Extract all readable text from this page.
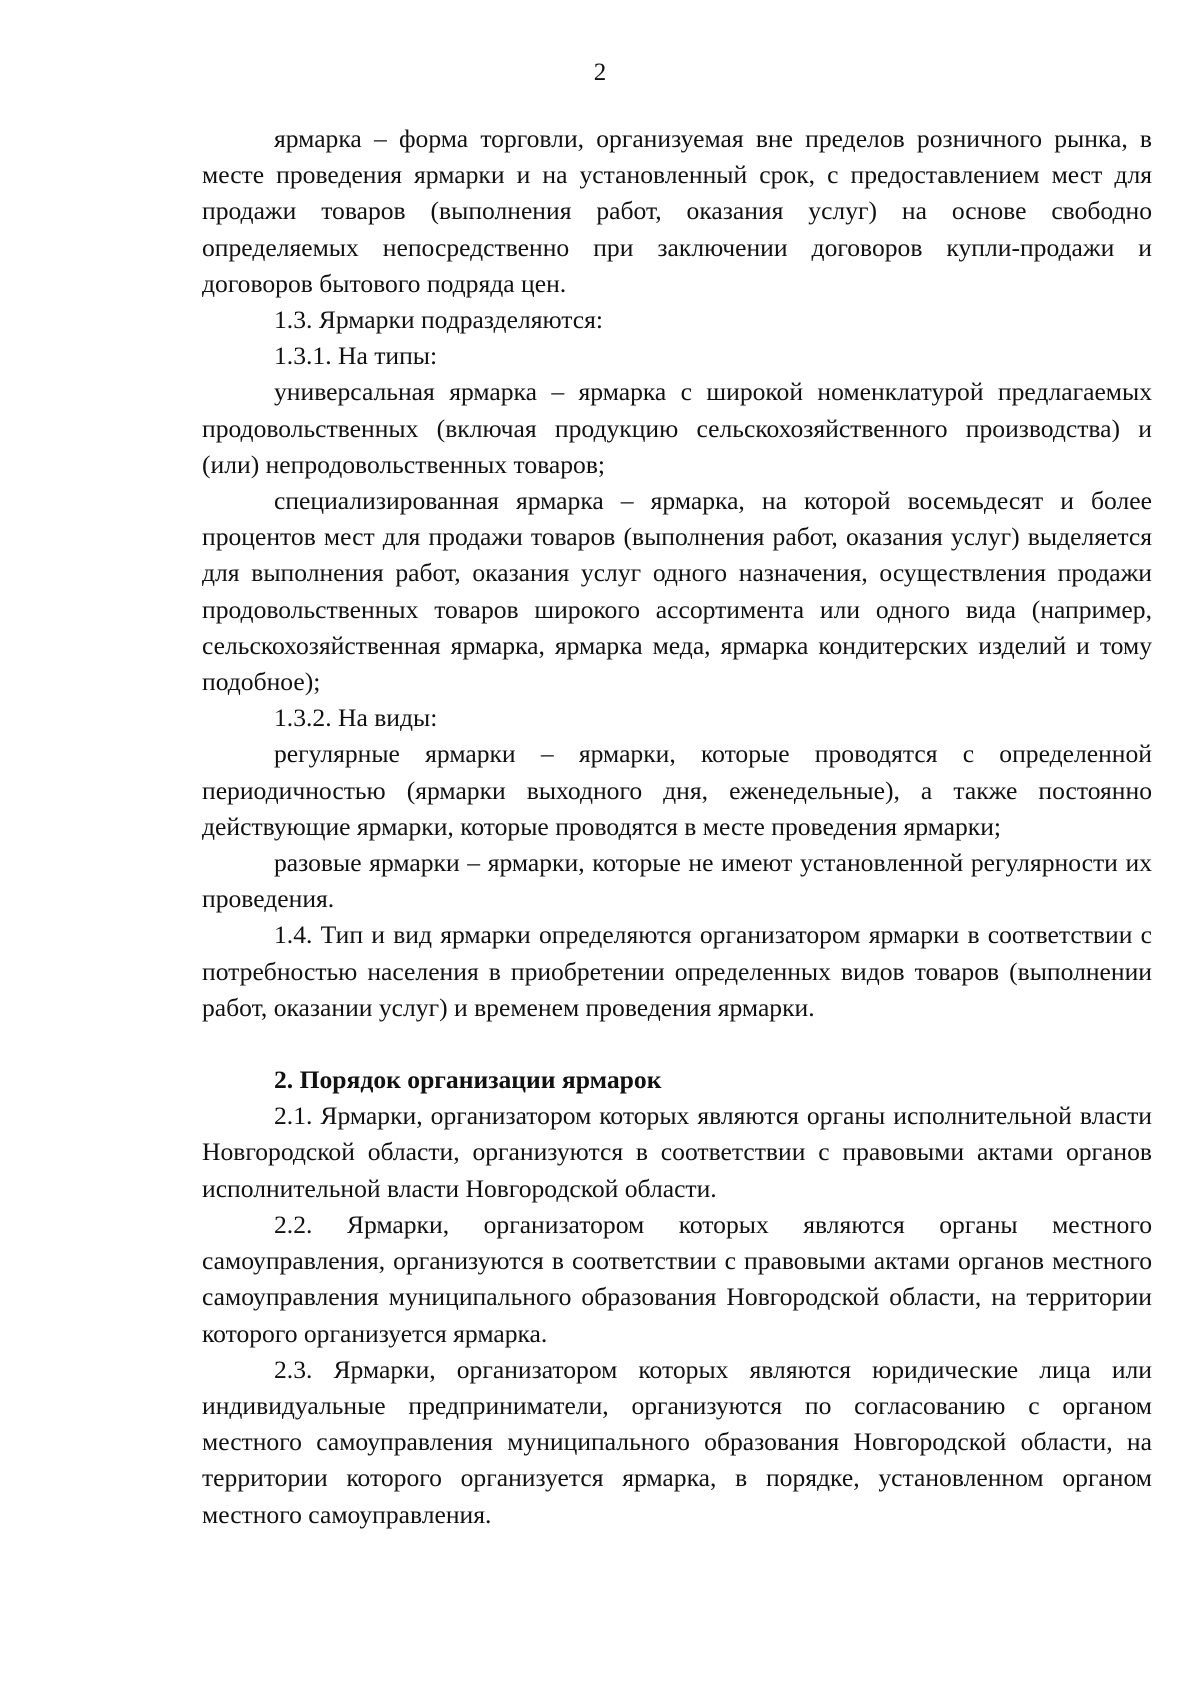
2

ярмарка – форма торговли, организуемая вне пределов розничного рынка, в месте проведения ярмарки и на установленный срок, с предоставлением мест для продажи товаров (выполнения работ, оказания услуг) на основе свободно определяемых непосредственно при заключении договоров купли-продажи и договоров бытового подряда цен.

1.3. Ярмарки подразделяются:

1.3.1. На типы:

универсальная ярмарка – ярмарка с широкой номенклатурой предлагаемых продовольственных (включая продукцию сельскохозяйственного производства) и (или) непродовольственных товаров;

специализированная ярмарка – ярмарка, на которой восемьдесят и более процентов мест для продажи товаров (выполнения работ, оказания услуг) выделяется для выполнения работ, оказания услуг одного назначения, осуществления продажи продовольственных товаров широкого ассортимента или одного вида (например, сельскохозяйственная ярмарка, ярмарка меда, ярмарка кондитерских изделий и тому подобное);

1.3.2. На виды:

регулярные ярмарки – ярмарки, которые проводятся с определенной периодичностью (ярмарки выходного дня, еженедельные), а также постоянно действующие ярмарки, которые проводятся в месте проведения ярмарки;

разовые ярмарки – ярмарки, которые не имеют установленной регулярности их проведения.

1.4. Тип и вид ярмарки определяются организатором ярмарки в соответствии с потребностью населения в приобретении определенных видов товаров (выполнении работ, оказании услуг) и временем проведения ярмарки.

2. Порядок организации ярмарок

2.1. Ярмарки, организатором которых являются органы исполнительной власти Новгородской области, организуются в соответствии с правовыми актами органов исполнительной власти Новгородской области.

2.2. Ярмарки, организатором которых являются органы местного самоуправления, организуются в соответствии с правовыми актами органов местного самоуправления муниципального образования Новгородской области, на территории которого организуется ярмарка.

2.3. Ярмарки, организатором которых являются юридические лица или индивидуальные предприниматели, организуются по согласованию с органом местного самоуправления муниципального образования Новгородской области, на территории которого организуется ярмарка, в порядке, установленном органом местного самоуправления.
